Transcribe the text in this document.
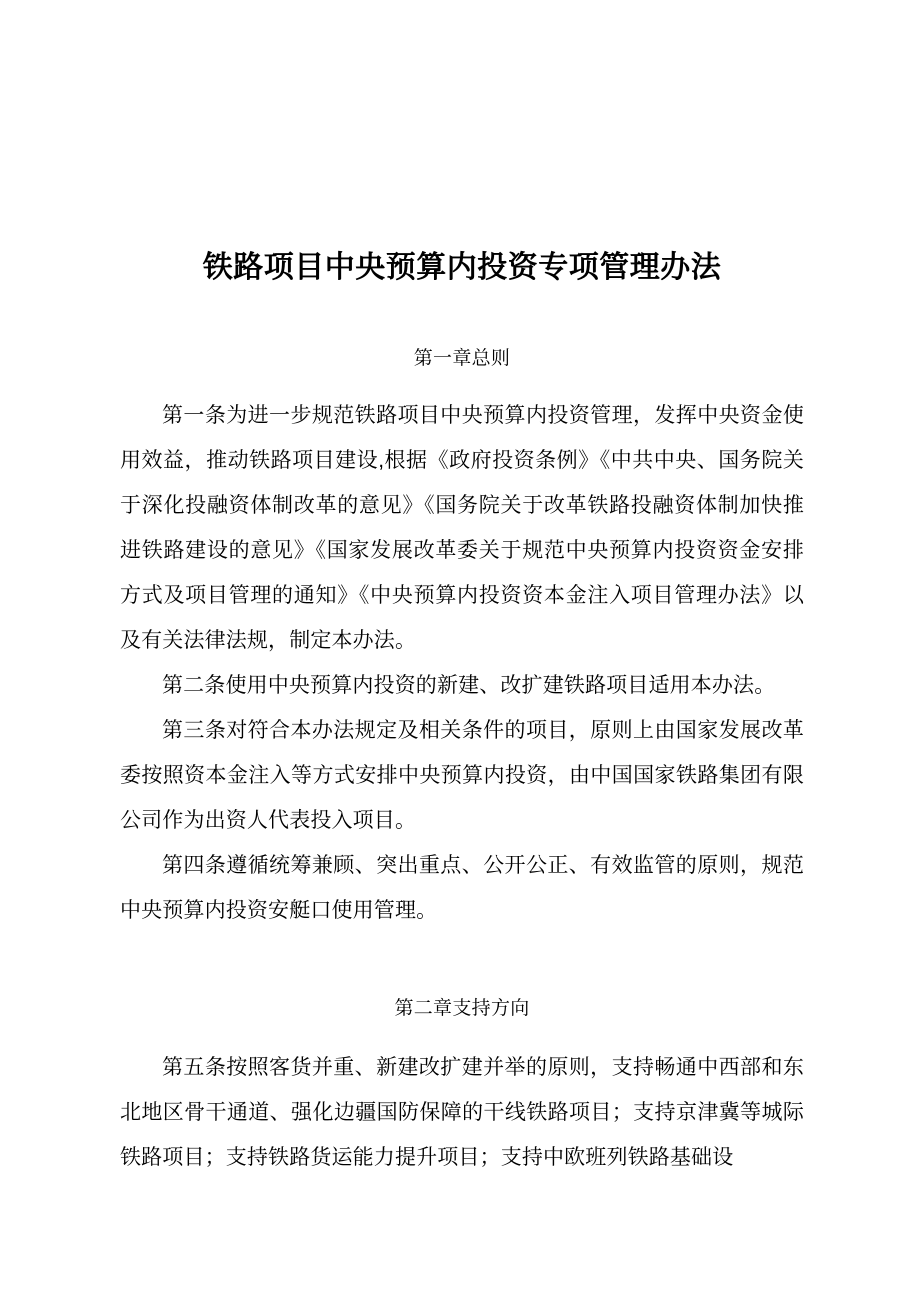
铁路项目中央预算内投资专项管理办法
第一章总则

第一条为进一步规范铁路项目中央预算内投资管理，发挥中央资金使用效益，推动铁路项目建设,根据《政府投资条例》《中共中央、国务院关于深化投融资体制改革的意见》《国务院关于改革铁路投融资体制加快推进铁路建设的意见》《国家发展改革委关于规范中央预算内投资资金安排方式及项目管理的通知》《中央预算内投资资本金注入项目管理办法》以及有关法律法规，制定本办法。

第二条使用中央预算内投资的新建、改扩建铁路项目适用本办法。

第三条对符合本办法规定及相关条件的项目，原则上由国家发展改革委按照资本金注入等方式安排中央预算内投资，由中国国家铁路集团有限公司作为出资人代表投入项目。

第四条遵循统筹兼顾、突出重点、公开公正、有效监管的原则，规范中央预算内投资安艇口使用管理。

第二章支持方向

第五条按照客货并重、新建改扩建并举的原则，支持畅通中西部和东北地区骨干通道、强化边疆国防保障的干线铁路项目；支持京津冀等城际铁路项目；支持铁路货运能力提升项目；支持中欧班列铁路基础设
